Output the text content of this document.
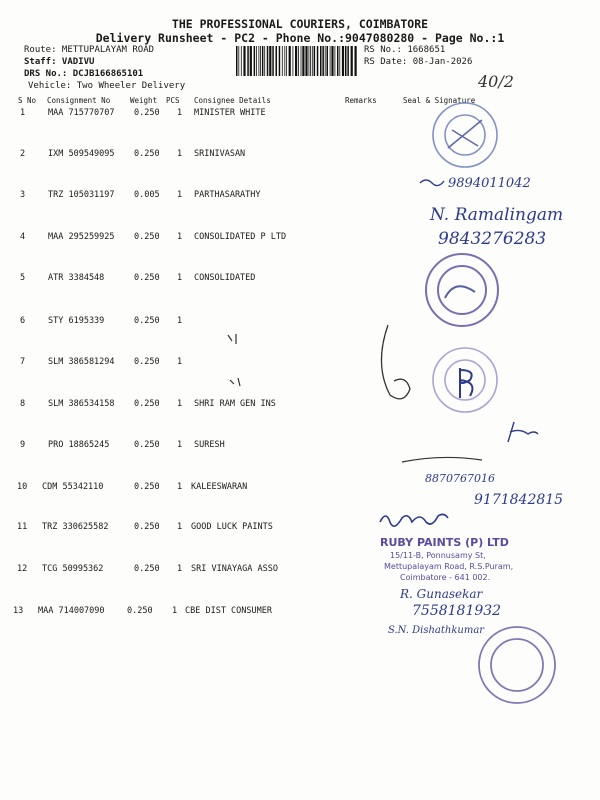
THE PROFESSIONAL COURIERS, COIMBATORE
Delivery Runsheet - PC2 - Phone No.:9047080280 - Page No.:1
Route: METTUPALAYAM ROAD
Staff: VADIVU
DRS No.: DCJB166865101
Vehicle: Two Wheeler Delivery
RS No.: 1668651
RS Date: 08-Jan-2026
40/2
S No Consignment No	Weight PCS Consignee Details	Remarks	Seal & Signature
1	MAA 715770707 0.250 1 MINISTER WHITE
2	IXM 509549095 0.250 1 SRINIVASAN
3	TRZ 105031197 0.005 1 PARTHASARATHY
4	MAA 295259925 0.250 1 CONSOLIDATED P LTD
5	ATR 3384548	0.250 1 CONSOLIDATED
6	STY 6195339	0.250 1
7	SLM 386581294 0.250 1
8	SLM 386534158 0.250 1 SHRI RAM GEN INS
9	PRO 18865245	0.250 1 SURESH
10 CDM 55342110	0.250 1 KALEESWARAN
11 TRZ 330625582	0.250 1 GOOD LUCK PAINTS
12 TCG 50995362	0.250 1 SRI VINAYAGA ASSO
13 MAA 714007090	0.250 1 CBE DIST CONSUMER
9894011042
N. Ramalingam
9843276283
8870767016
9171842815
RUBY PAINTS (P) LTD
15/11-B, Ponnusamy St,
Mettupalayam Road, R.S.Puram,
Coimbatore - 641 002.
R. Gunasekar
7558181932
S.N. Dishathkumar
